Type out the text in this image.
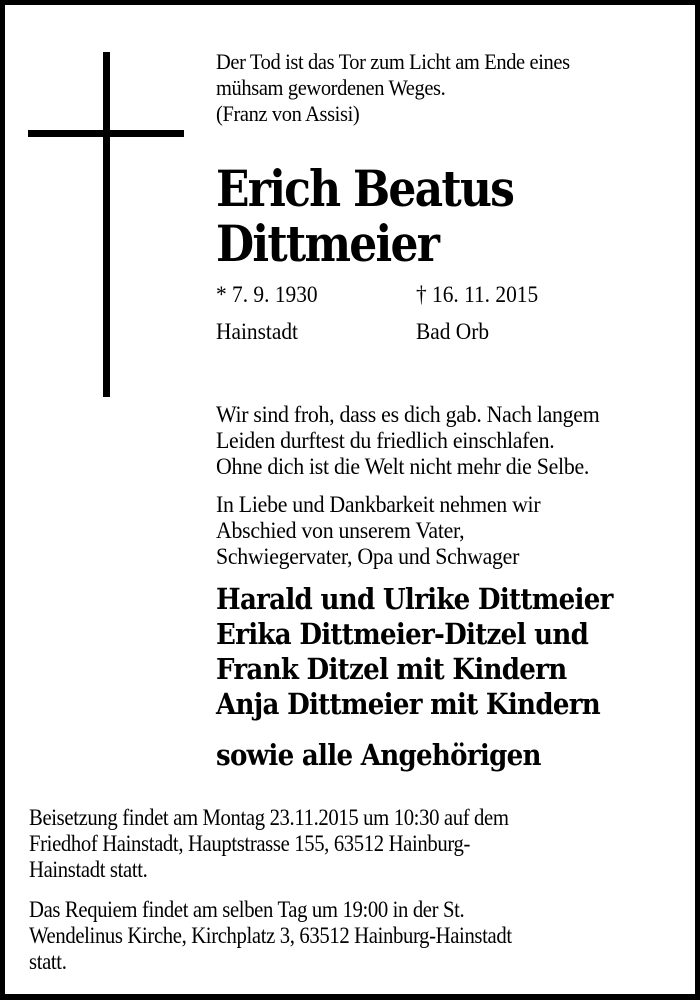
Der Tod ist das Tor zum Licht am Ende eines
mühsam gewordenen Weges.
(Franz von Assisi)
Erich Beatus
Dittmeier
* 7. 9. 1930	† 16. 11. 2015
Hainstadt	Bad Orb
Wir sind froh, dass es dich gab. Nach langem
Leiden durftest du friedlich einschlafen.
Ohne dich ist die Welt nicht mehr die Selbe.
In Liebe und Dankbarkeit nehmen wir
Abschied von unserem Vater,
Schwiegervater, Opa und Schwager
Harald und Ulrike Dittmeier
Erika Dittmeier-Ditzel und
Frank Ditzel mit Kindern
Anja Dittmeier mit Kindern
sowie alle Angehörigen
Beisetzung findet am Montag 23.11.2015 um 10:30 auf dem
Friedhof Hainstadt, Hauptstrasse 155, 63512 Hainburg-
Hainstadt statt.
Das Requiem findet am selben Tag um 19:00 in der St.
Wendelinus Kirche, Kirchplatz 3, 63512 Hainburg-Hainstadt
statt.
